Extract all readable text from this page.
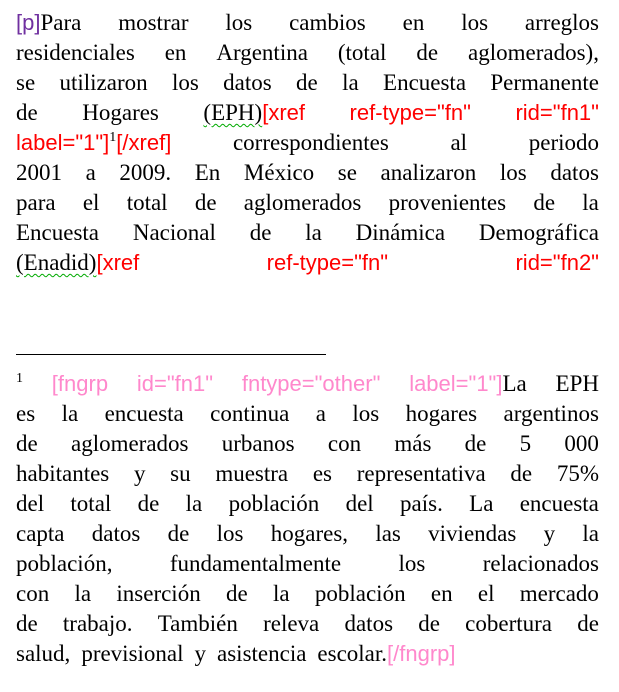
[p]Para mostrar los cambios en los arreglos
residenciales en Argentina (total de aglomerados),
se utilizaron los datos de la Encuesta Permanente
de Hogares (EPH)[xref ref-type="fn" rid="fn1"
label="1"]1[/xref]	correspondientes	al	periodo
2001 a 2009. En México se analizaron los datos
para el total de aglomerados provenientes de la
Encuesta Nacional de la Dinámica Demográfica
(Enadid)[xref	ref-type="fn"	rid="fn2"
1 [fngrp id="fn1" fntype="other" label="1"]La EPH
es la encuesta continua a los hogares argentinos
de aglomerados urbanos con más de 5 000
habitantes y su muestra es representativa de 75%
del total de la población del país. La encuesta
capta datos de los hogares, las viviendas y la
población, fundamentalmente los relacionados
con la inserción de la población en el mercado
de trabajo. También releva datos de cobertura de
salud, previsional y asistencia escolar.[/fngrp]
